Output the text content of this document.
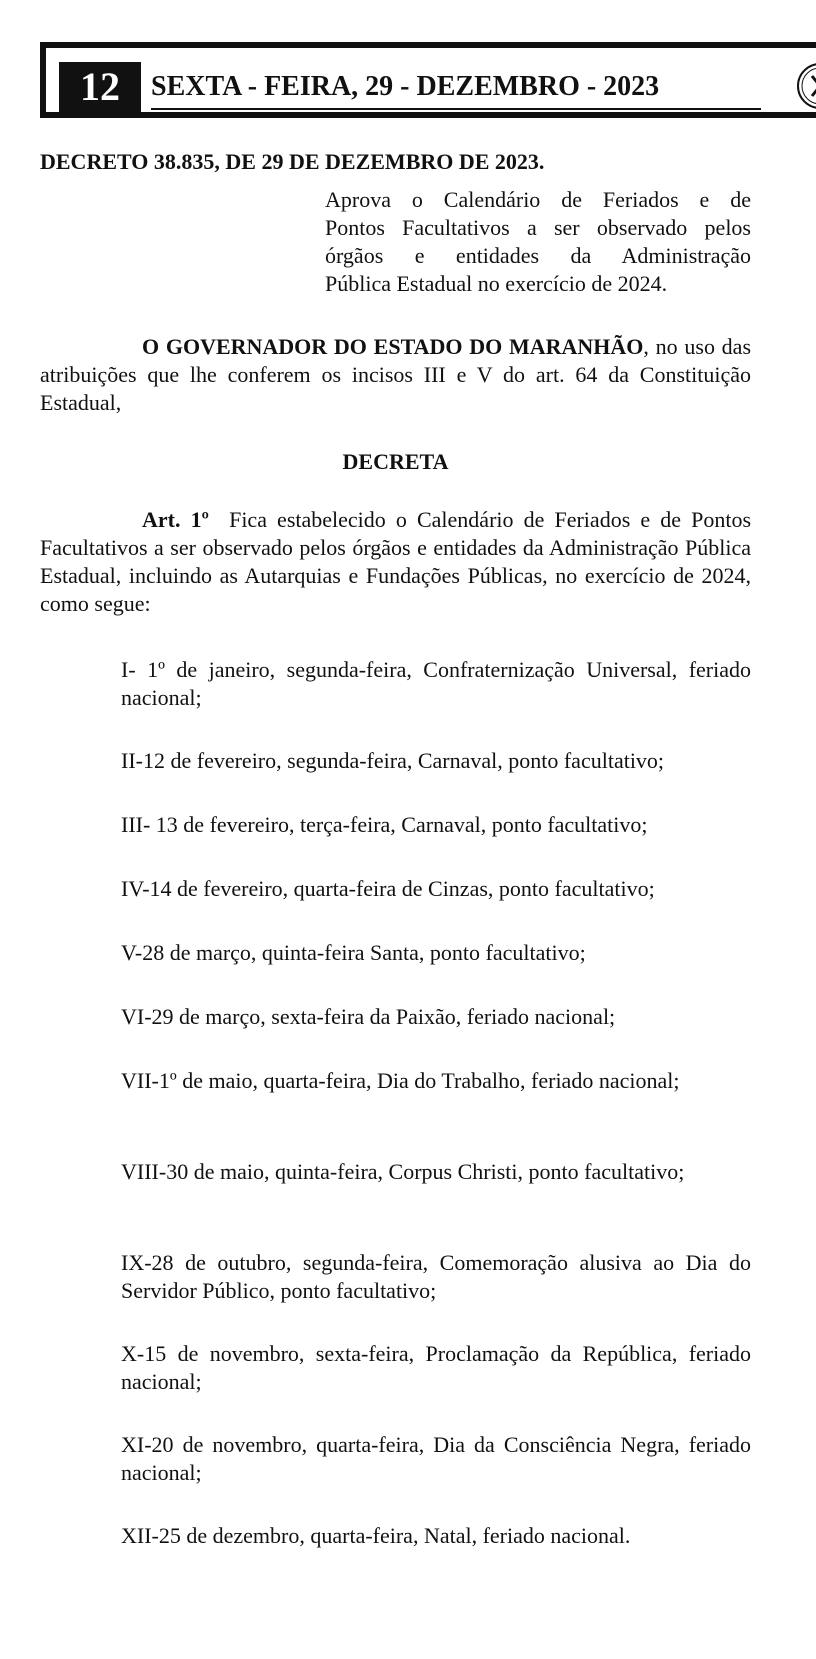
12	SEXTA - FEIRA, 29 - DEZEMBRO - 2023
DECRETO 38.835, DE 29 DE DEZEMBRO DE 2023.
Aprova o Calendário de Feriados e de
Pontos Facultativos a ser observado pelos
órgãos e entidades da Administração
Pública Estadual no exercício de 2024.
O GOVERNADOR DO ESTADO DO MARANHÃO, no uso das atribuições que lhe conferem os incisos III e V do art. 64 da Constituição Estadual,
DECRETA
Art. 1º Fica estabelecido o Calendário de Feriados e de Pontos Facultativos a ser observado pelos órgãos e entidades da Administração Pública Estadual, incluindo as Autarquias e Fundações Públicas, no exercício de 2024, como segue:
I- 1º de janeiro, segunda-feira, Confraternização Universal, feriado nacional;
II-12 de fevereiro, segunda-feira, Carnaval, ponto facultativo;
III- 13 de fevereiro, terça-feira, Carnaval, ponto facultativo;
IV-14 de fevereiro, quarta-feira de Cinzas, ponto facultativo;
V-28 de março, quinta-feira Santa, ponto facultativo;
VI-29 de março, sexta-feira da Paixão, feriado nacional;
VII-1º de maio, quarta-feira, Dia do Trabalho, feriado nacional;
VIII-30 de maio, quinta-feira, Corpus Christi, ponto facultativo;
IX-28 de outubro, segunda-feira, Comemoração alusiva ao Dia do Servidor Público, ponto facultativo;
X-15 de novembro, sexta-feira, Proclamação da República, feriado nacional;
XI-20 de novembro, quarta-feira, Dia da Consciência Negra, feriado nacional;
XII-25 de dezembro, quarta-feira, Natal, feriado nacional.
